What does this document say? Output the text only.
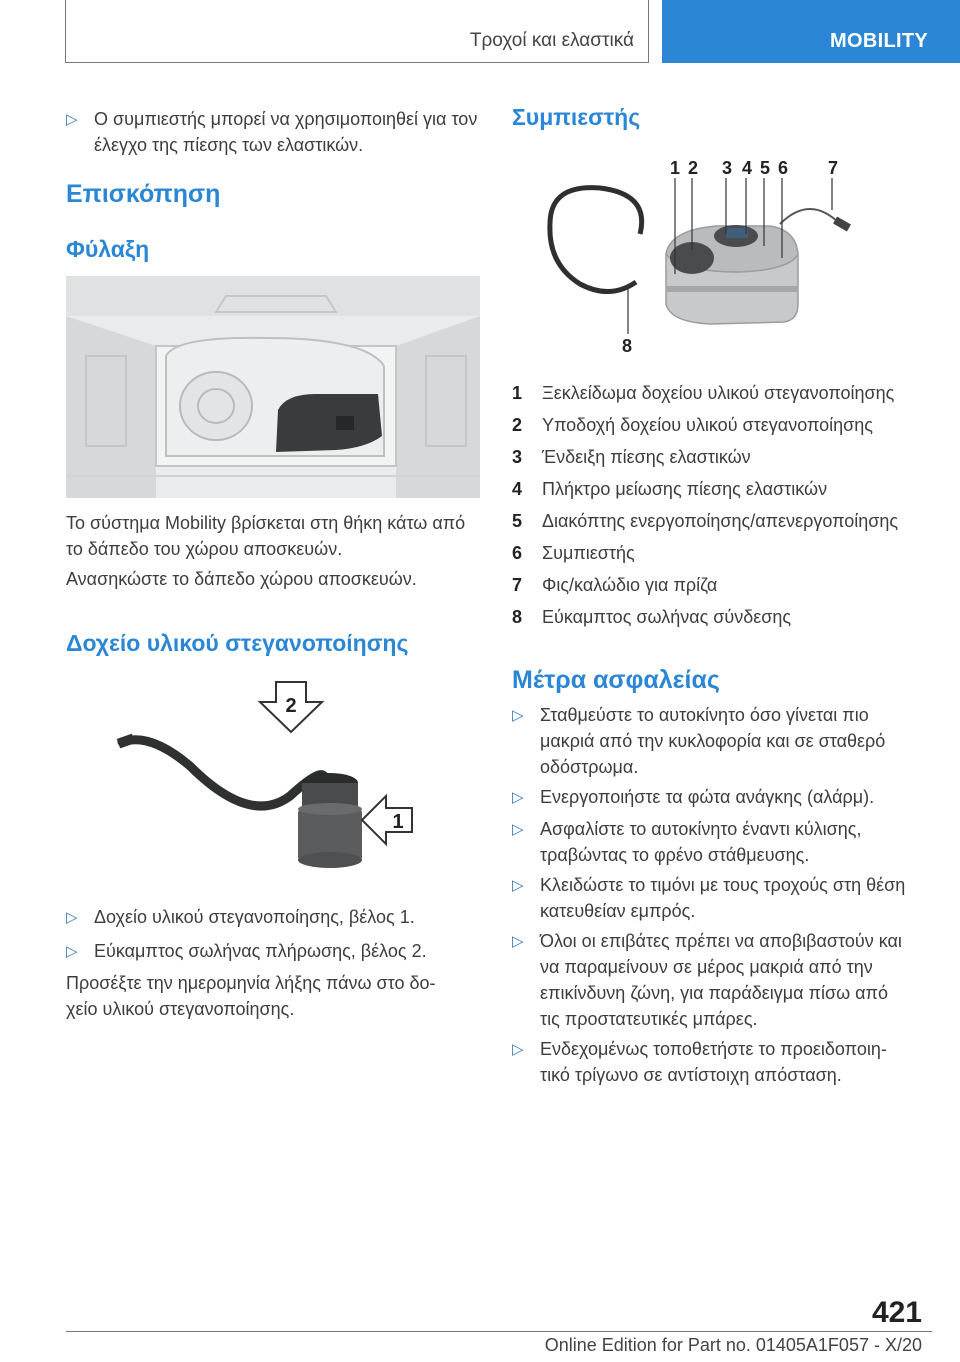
Τροχοί και ελαστικά	MOBILITY
▷ Ο συμπιεστής μπορεί να χρησιμοποιηθεί για τον έλεγχο της πίεσης των ελαστικών.
Επισκόπηση
Φύλαξη
Το σύστημα Mobility βρίσκεται στη θήκη κάτω από το δάπεδο του χώρου αποσκευών.
Ανασηκώστε το δάπεδο χώρου αποσκευών.
Δοχείο υλικού στεγανοποίησης
2
1
▷ Δοχείο υλικού στεγανοποίησης, βέλος 1.
▷ Εύκαμπτος σωλήνας πλήρωσης, βέλος 2.
Προσέξτε την ημερομηνία λήξης πάνω στο δο-χείο υλικού στεγανοποίησης.
Συμπιεστής
1 2 3 4 5 6 7
8
1	Ξεκλείδωμα δοχείου υλικού στεγανοποίησης
2	Υποδοχή δοχείου υλικού στεγανοποίησης
3	Ένδειξη πίεσης ελαστικών
4	Πλήκτρο μείωσης πίεσης ελαστικών
5	Διακόπτης ενεργοποίησης/απενεργοποίησης
6	Συμπιεστής
7	Φις/καλώδιο για πρίζα
8	Εύκαμπτος σωλήνας σύνδεσης
Μέτρα ασφαλείας
▷ Σταθμεύστε το αυτοκίνητο όσο γίνεται πιο μακριά από την κυκλοφορία και σε σταθερό οδόστρωμα.
▷ Ενεργοποιήστε τα φώτα ανάγκης (αλάρμ).
▷ Ασφαλίστε το αυτοκίνητο έναντι κύλισης, τραβώντας το φρένο στάθμευσης.
▷ Κλειδώστε το τιμόνι με τους τροχούς στη θέση κατευθείαν εμπρός.
▷ Όλοι οι επιβάτες πρέπει να αποβιβαστούν και να παραμείνουν σε μέρος μακριά από την επικίνδυνη ζώνη, για παράδειγμα πίσω από τις προστατευτικές μπάρες.
▷ Ενδεχομένως τοποθετήστε το προειδοποιη-τικό τρίγωνο σε αντίστοιχη απόσταση.
421
Online Edition for Part no. 01405A1F057 - X/20
